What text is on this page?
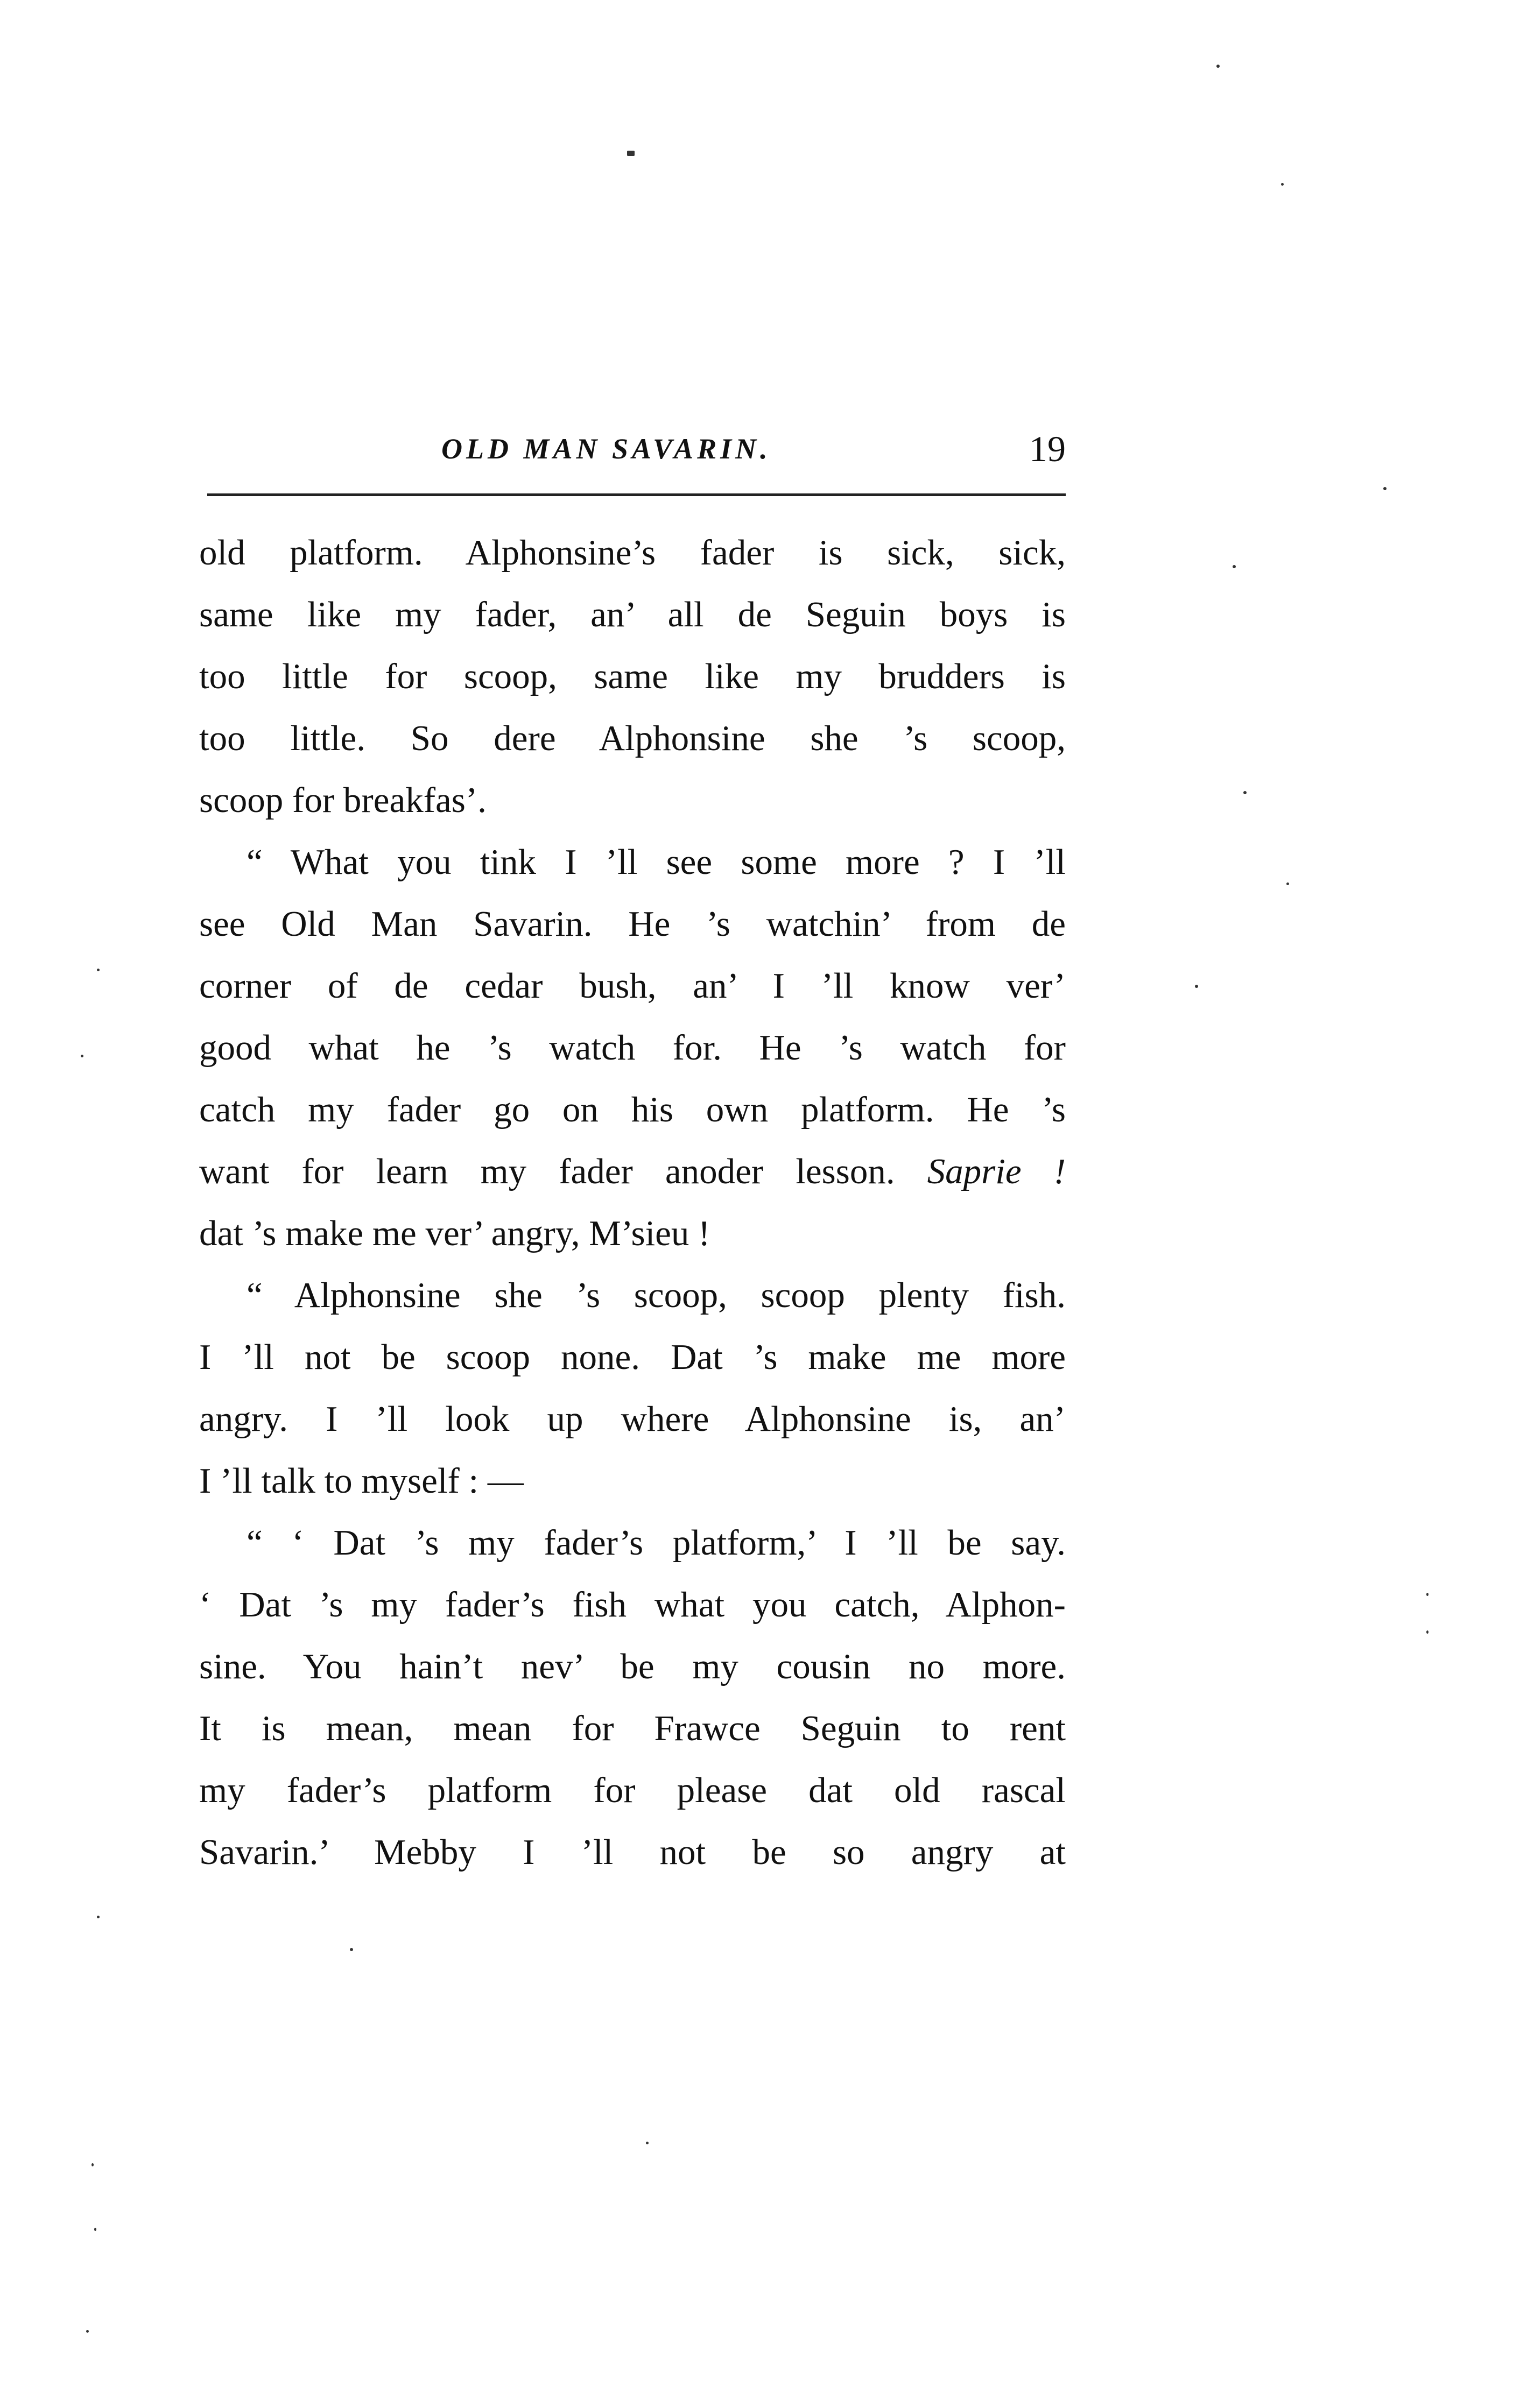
OLD MAN SAVARIN.	19
old platform. Alphonsine’s fader is sick, sick,
same like my fader, an’ all de Seguin boys is
too little for scoop, same like my brudders is
too little. So dere Alphonsine she ’s scoop,
scoop for breakfas’.
“ What you tink I ’ll see some more ? I ’ll
see Old Man Savarin. He ’s watchin’ from de
corner of de cedar bush, an’ I ’ll know ver’
good what he ’s watch for. He ’s watch for
catch my fader go on his own platform. He ’s
want for learn my fader anoder lesson. Saprie !
dat ’s make me ver’ angry, M’sieu !
“ Alphonsine she ’s scoop, scoop plenty fish.
I ’ll not be scoop none. Dat ’s make me more
angry. I ’ll look up where Alphonsine is, an’
I ’ll talk to myself : —
“ ‘ Dat ’s my fader’s platform,’ I ’ll be say.
‘ Dat ’s my fader’s fish what you catch, Alphon-
sine. You hain’t nev’ be my cousin no more.
It is mean, mean for Frawce Seguin to rent
my fader’s platform for please dat old rascal
Savarin.’ Mebby I ’ll not be so angry at
